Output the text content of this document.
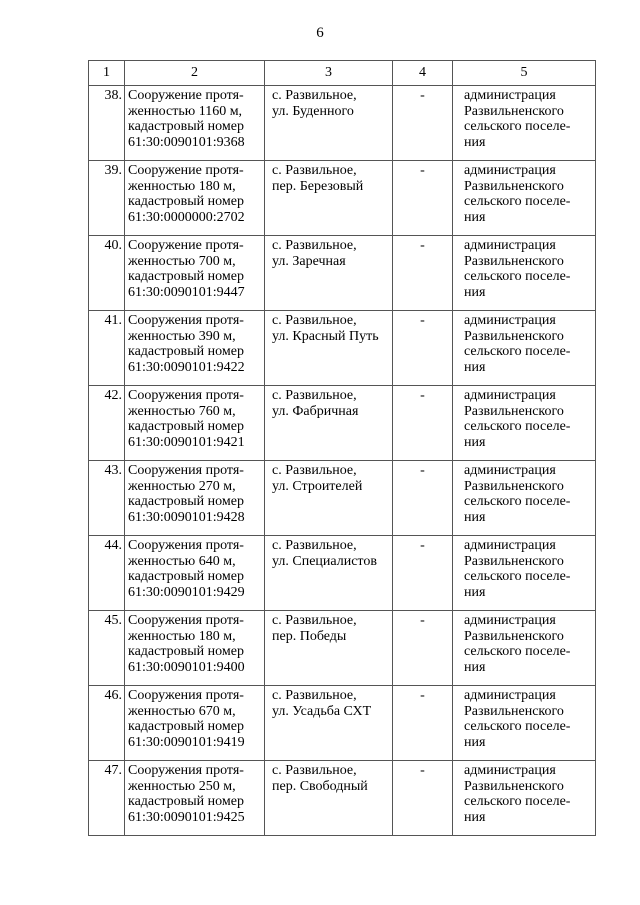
6
1	2	3	4	5
38.	Сооружение протя-
женностью 1160 м,
кадастровый номер
61:30:0090101:9368	с. Развильное,
ул. Буденного	-	администрация
Развильненского
сельского поселе-
ния

39.	Сооружение протя-
женностью 180 м,
кадастровый номер
61:30:0000000:2702	с. Развильное,
пер. Березовый	-	администрация
Развильненского
сельского поселе-
ния

40.	Сооружение протя-
женностью 700 м,
кадастровый номер
61:30:0090101:9447	с. Развильное,
ул. Заречная	-	администрация
Развильненского
сельского поселе-
ния

41.	Сооружения протя-
женностью 390 м,
кадастровый номер
61:30:0090101:9422	с. Развильное,
ул. Красный Путь	-	администрация
Развильненского
сельского поселе-
ния

42.	Сооружения протя-
женностью 760 м,
кадастровый номер
61:30:0090101:9421	с. Развильное,
ул. Фабричная	-	администрация
Развильненского
сельского поселе-
ния

43.	Сооружения протя-
женностью 270 м,
кадастровый номер
61:30:0090101:9428	с. Развильное,
ул. Строителей	-	администрация
Развильненского
сельского поселе-
ния

44.	Сооружения протя-
женностью 640 м,
кадастровый номер
61:30:0090101:9429	с. Развильное,
ул. Специалистов	-	администрация
Развильненского
сельского поселе-
ния

45.	Сооружения протя-
женностью 180 м,
кадастровый номер
61:30:0090101:9400	с. Развильное,
пер. Победы	-	администрация
Развильненского
сельского поселе-
ния

46.	Сооружения протя-
женностью 670 м,
кадастровый номер
61:30:0090101:9419	с. Развильное,
ул. Усадьба СХТ	-	администрация
Развильненского
сельского поселе-
ния

47.	Сооружения протя-
женностью 250 м,
кадастровый номер
61:30:0090101:9425	с. Развильное,
пер. Свободный	-	администрация
Развильненского
сельского поселе-
ния
